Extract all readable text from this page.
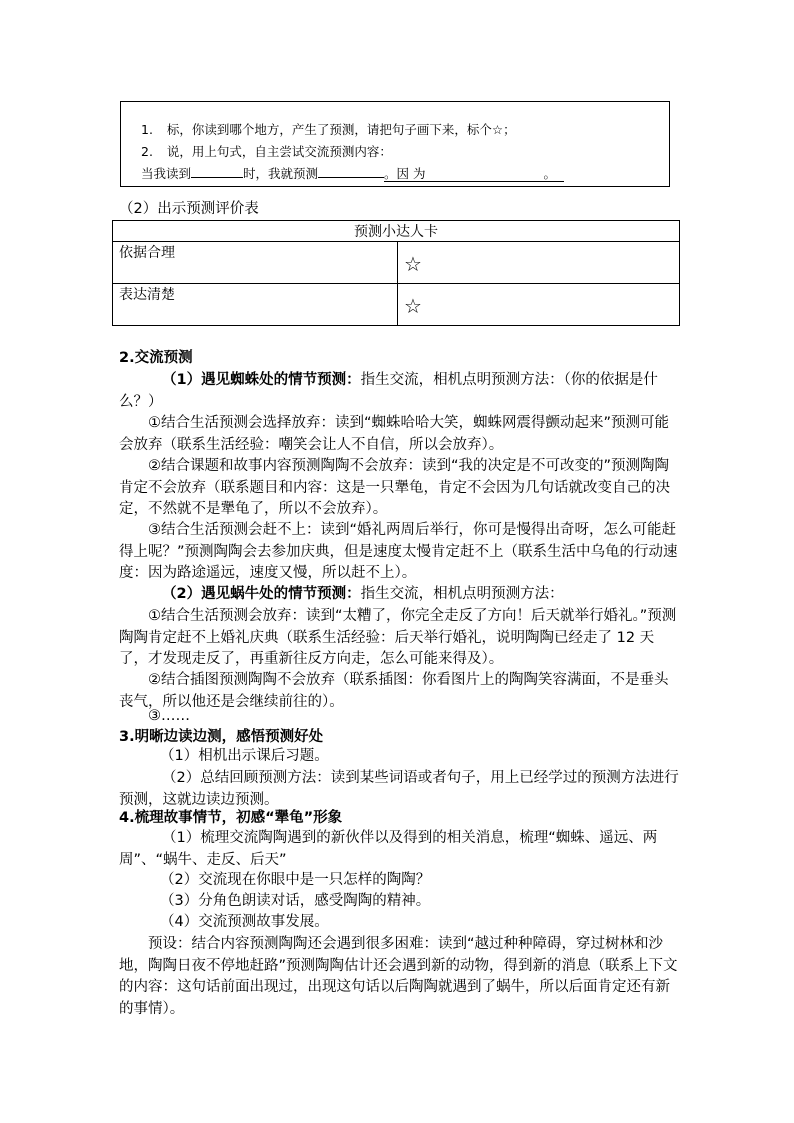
1. 标，你读到哪个地方，产生了预测，请把句子画下来，标个☆；
2. 说，用上句式，自主尝试交流预测内容：
当我读到	时，我就预测	。因 为	。
（2）出示预测评价表
预测小达人卡	
依据合理	☆
表达清楚	☆
2.交流预测
（1）遇见蜘蛛处的情节预测：指生交流，相机点明预测方法：（你的依据是什么？）
①结合生活预测会选择放弃：读到“蜘蛛哈哈大笑，蜘蛛网震得颤动起来”预测可能会放弃（联系生活经验：嘲笑会让人不自信，所以会放弃）。
②结合课题和故事内容预测陶陶不会放弃：读到“我的决定是不可改变的”预测陶陶肯定不会放弃（联系题目和内容：这是一只犟龟，肯定不会因为几句话就改变自己的决定，不然就不是犟龟了，所以不会放弃）。
③结合生活预测会赶不上：读到“婚礼两周后举行，你可是慢得出奇呀，怎么可能赶得上呢？”预测陶陶会去参加庆典，但是速度太慢肯定赶不上（联系生活中乌龟的行动速度：因为路途遥远，速度又慢，所以赶不上）。
（2）遇见蜗牛处的情节预测：指生交流，相机点明预测方法：
①结合生活预测会放弃：读到“太糟了，你完全走反了方向！后天就举行婚礼。”预测陶陶肯定赶不上婚礼庆典（联系生活经验：后天举行婚礼，说明陶陶已经走了 12 天了，才发现走反了，再重新往反方向走，怎么可能来得及）。
②结合插图预测陶陶不会放弃（联系插图：你看图片上的陶陶笑容满面，不是垂头丧气，所以他还是会继续前往的）。
③……
3.明晰边读边测，感悟预测好处
（1）相机出示课后习题。
（2）总结回顾预测方法：读到某些词语或者句子，用上已经学过的预测方法进行预测，这就边读边预测。
4.梳理故事情节，初感“犟龟”形象
（1）梳理交流陶陶遇到的新伙伴以及得到的相关消息，梳理“蜘蛛、遥远、两周”、“蜗牛、走反、后天”
（2）交流现在你眼中是一只怎样的陶陶？
（3）分角色朗读对话，感受陶陶的精神。
（4）交流预测故事发展。
预设：结合内容预测陶陶还会遇到很多困难：读到“越过种种障碍，穿过树林和沙地，陶陶日夜不停地赶路”预测陶陶估计还会遇到新的动物，得到新的消息（联系上下文的内容：这句话前面出现过，出现这句话以后陶陶就遇到了蜗牛，所以后面肯定还有新的事情）。
